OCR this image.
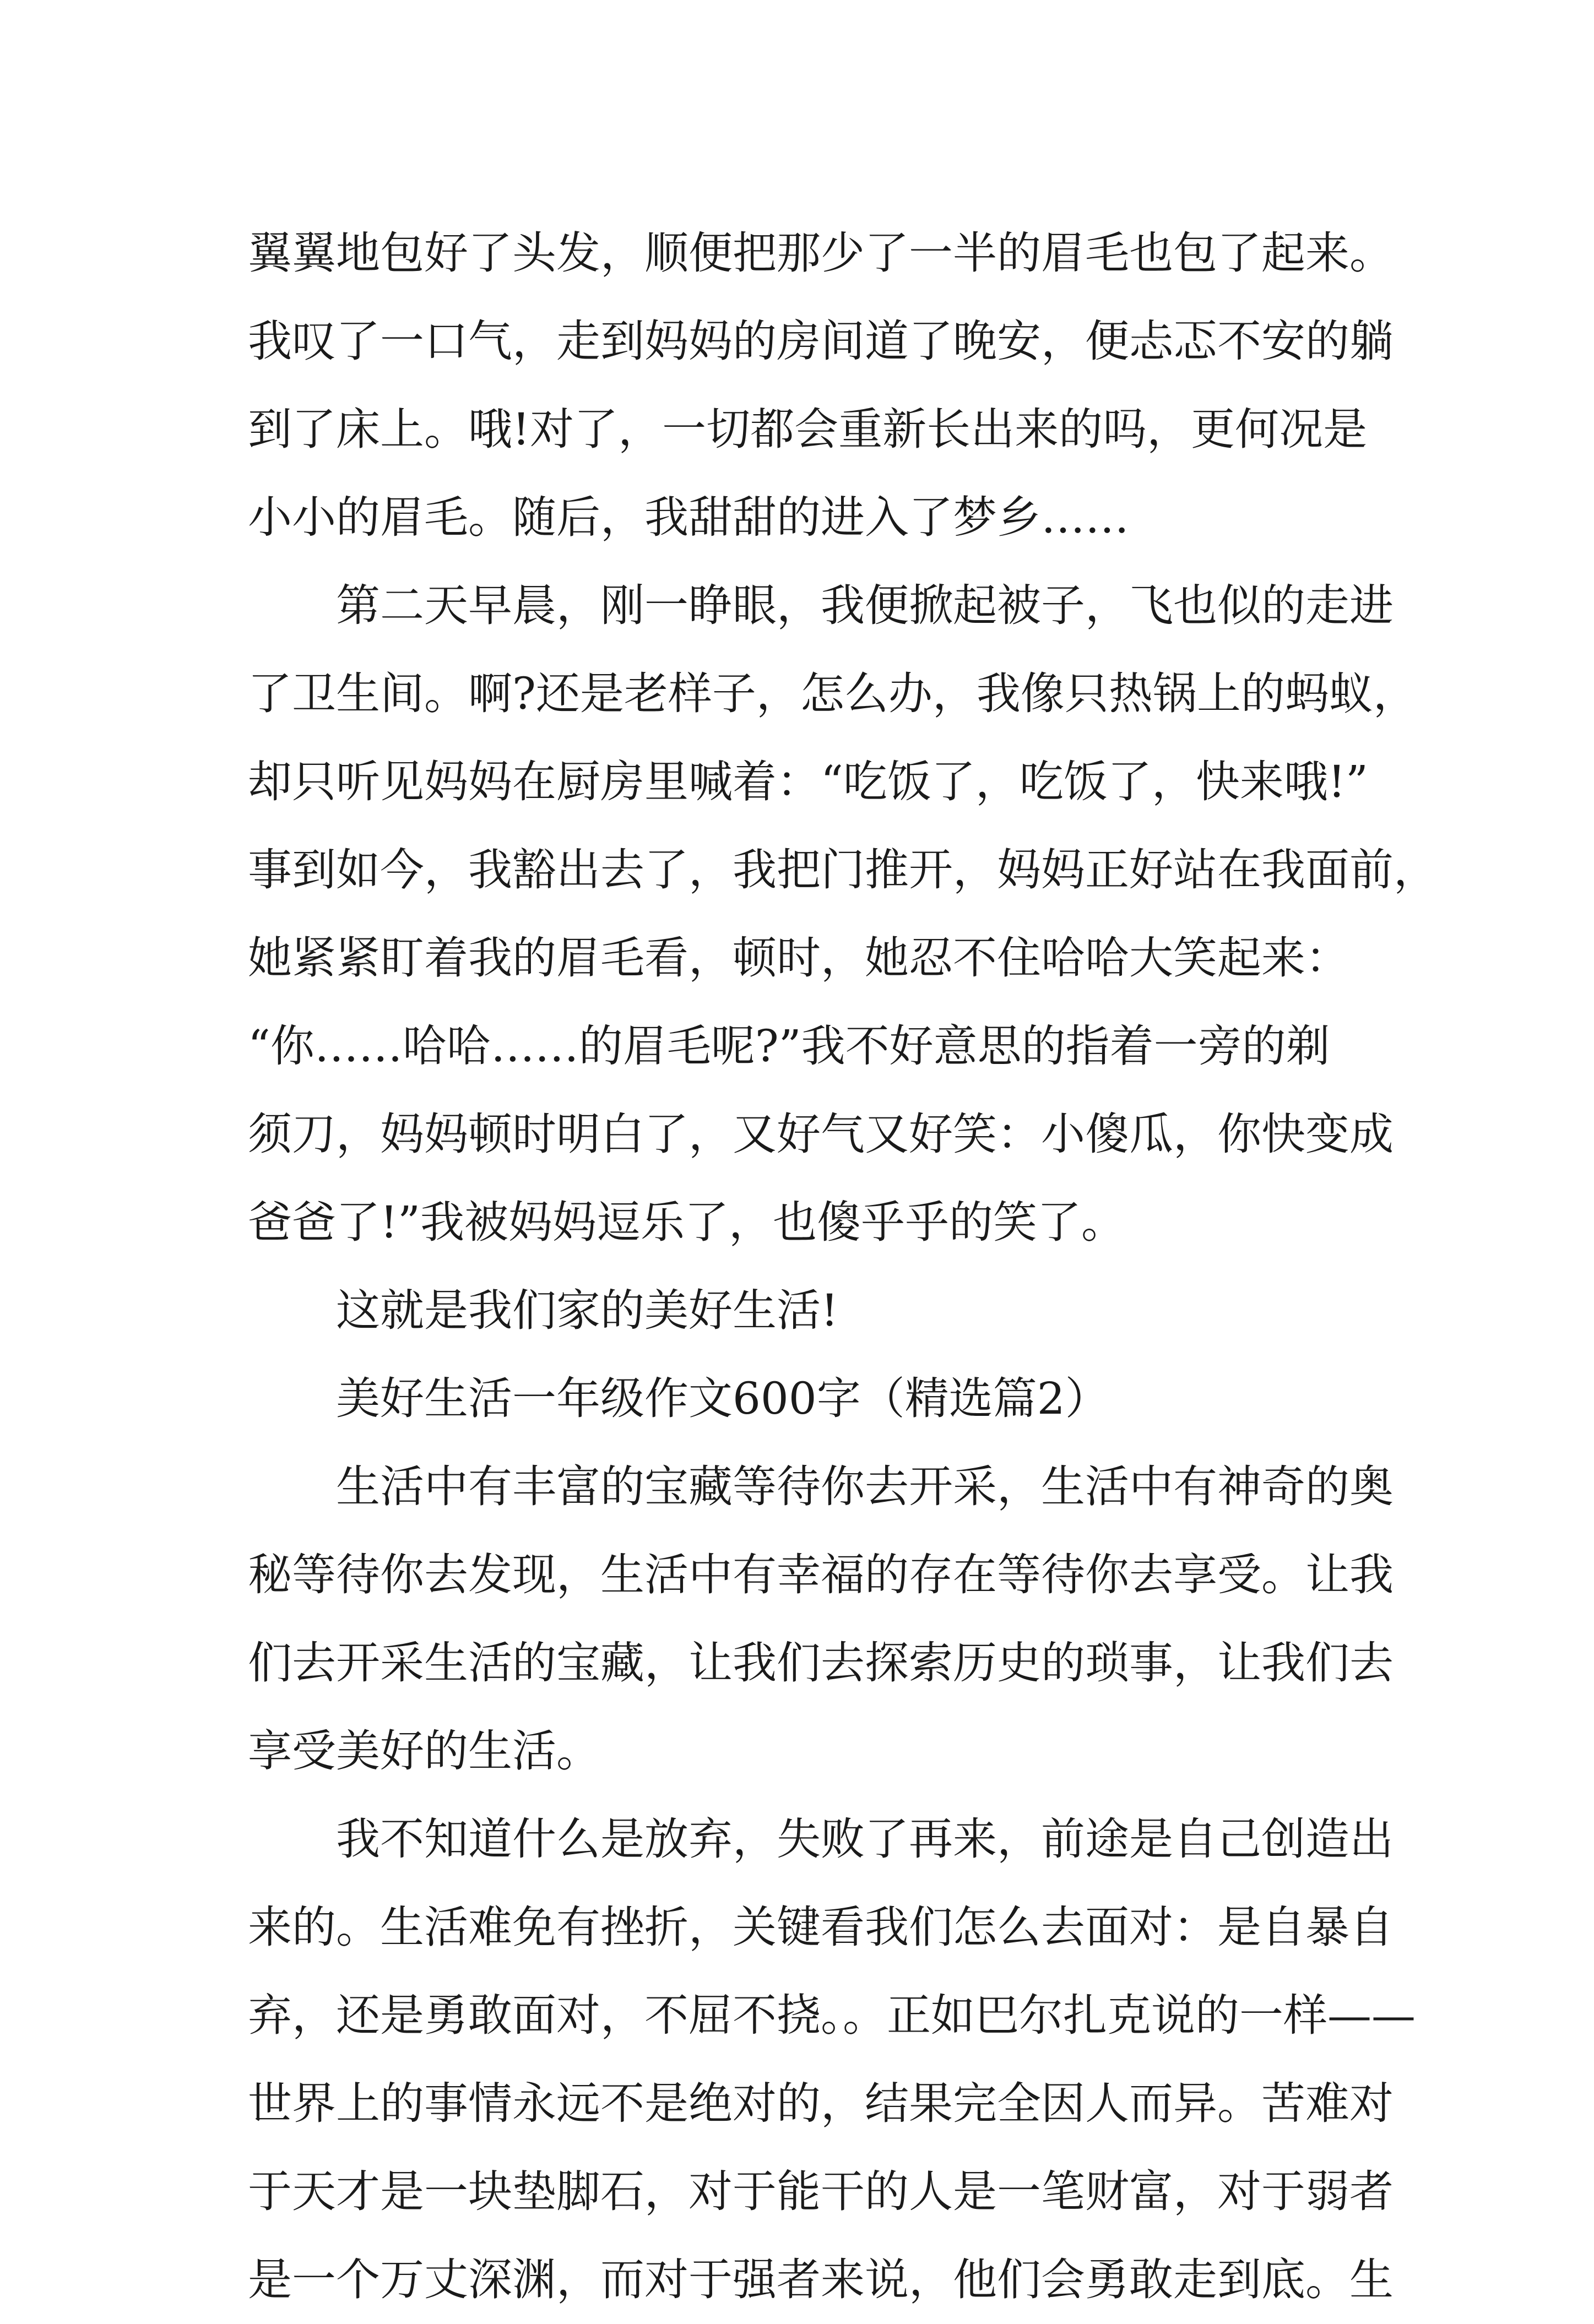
翼翼地包好了头发，顺便把那少了一半的眉毛也包了起来。
我叹了一口气，走到妈妈的房间道了晚安，便忐忑不安的躺
到了床上。哦!对了，一切都会重新长出来的吗，更何况是
小小的眉毛。随后，我甜甜的进入了梦乡……
第二天早晨，刚一睁眼，我便掀起被子，飞也似的走进
了卫生间。啊?还是老样子，怎么办，我像只热锅上的蚂蚁，
却只听见妈妈在厨房里喊着：“吃饭了，吃饭了，快来哦!”
事到如今，我豁出去了，我把门推开，妈妈正好站在我面前，
她紧紧盯着我的眉毛看，顿时，她忍不住哈哈大笑起来：
“你……哈哈……的眉毛呢?”我不好意思的指着一旁的剃
须刀，妈妈顿时明白了，又好气又好笑：小傻瓜，你快变成
爸爸了!”我被妈妈逗乐了，也傻乎乎的笑了。
这就是我们家的美好生活!
美好生活一年级作文600字（精选篇2）
生活中有丰富的宝藏等待你去开采，生活中有神奇的奥
秘等待你去发现，生活中有幸福的存在等待你去享受。让我
们去开采生活的宝藏，让我们去探索历史的琐事，让我们去
享受美好的生活。
我不知道什么是放弃，失败了再来，前途是自己创造出
来的。生活难免有挫折，关键看我们怎么去面对：是自暴自
弃，还是勇敢面对，不屈不挠。。正如巴尔扎克说的一样——
世界上的事情永远不是绝对的，结果完全因人而异。苦难对
于天才是一块垫脚石，对于能干的人是一笔财富，对于弱者
是一个万丈深渊，而对于强者来说，他们会勇敢走到底。生
